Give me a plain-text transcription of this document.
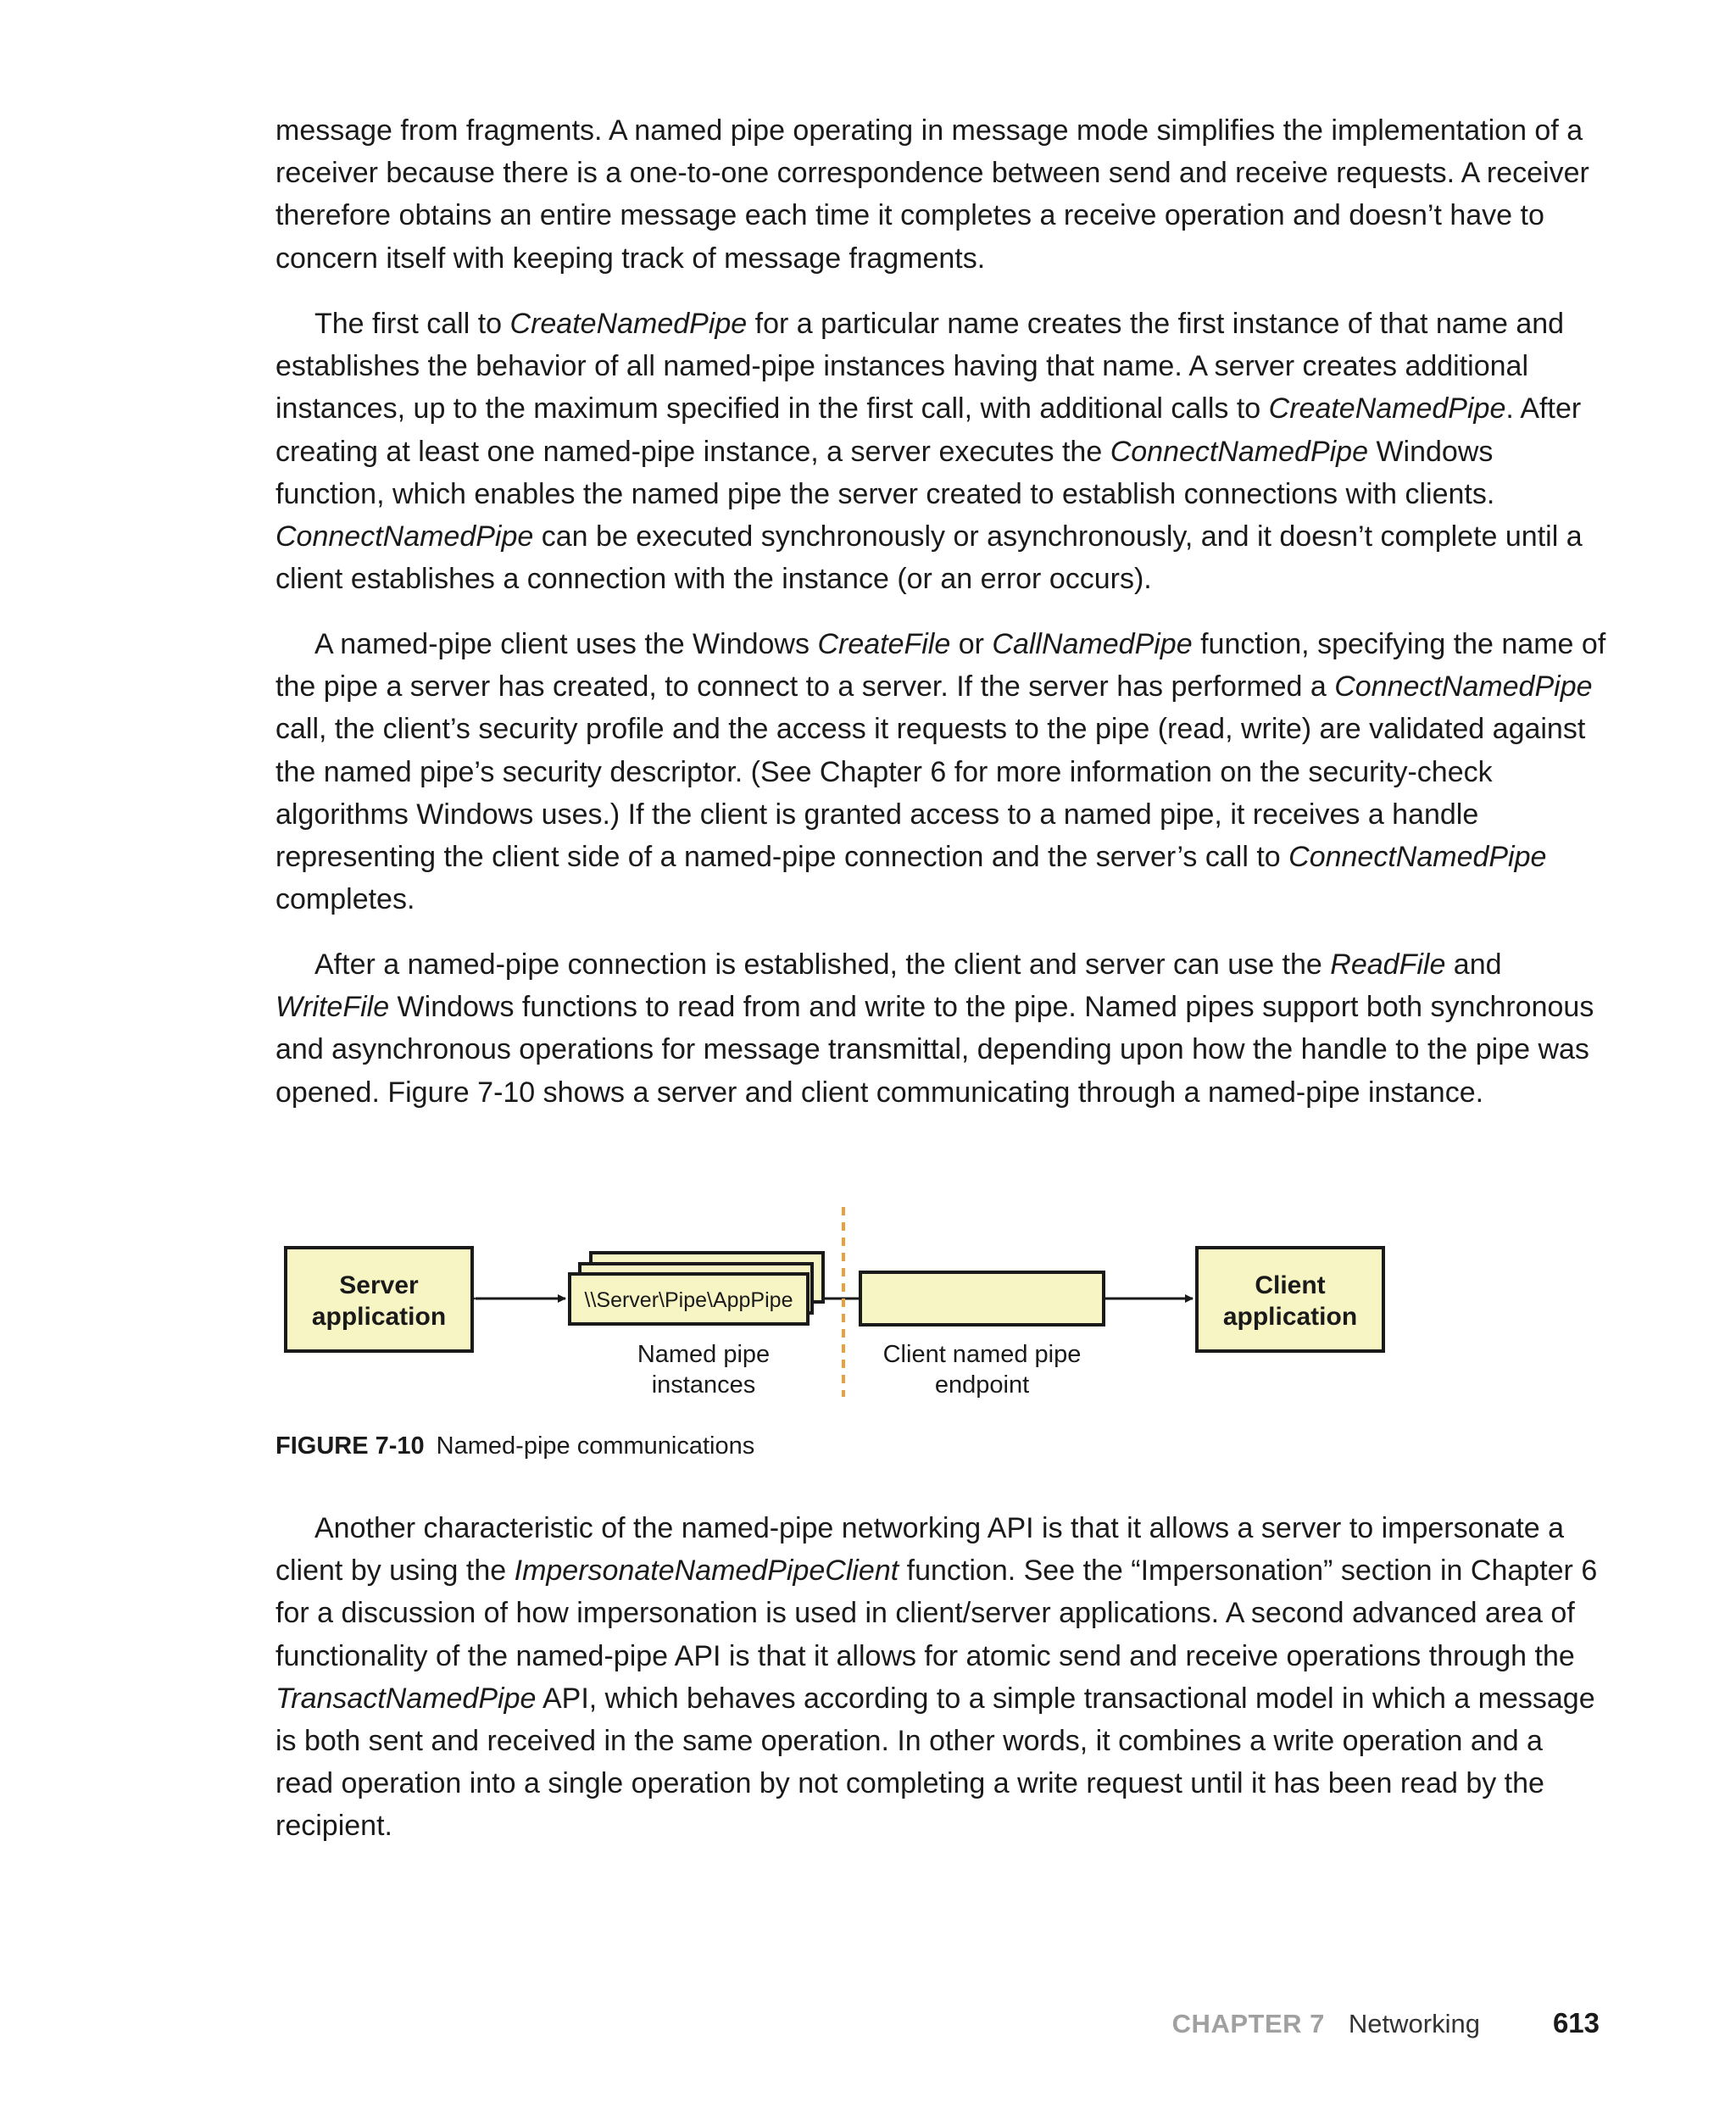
message from fragments. A named pipe operating in message mode simplifies the implementation of a receiver because there is a one-to-one correspondence between send and receive requests. A receiver therefore obtains an entire message each time it completes a receive operation and doesn’t have to concern itself with keeping track of message fragments.

The first call to CreateNamedPipe for a particular name creates the first instance of that name and establishes the behavior of all named-pipe instances having that name. A server creates additional instances, up to the maximum specified in the first call, with additional calls to CreateNamedPipe. After creating at least one named-pipe instance, a server executes the ConnectNamedPipe Windows function, which enables the named pipe the server created to establish connections with clients. ConnectNamedPipe can be executed synchronously or asynchronously, and it doesn’t complete until a client establishes a connection with the instance (or an error occurs).

A named-pipe client uses the Windows CreateFile or CallNamedPipe function, specifying the name of the pipe a server has created, to connect to a server. If the server has performed a ConnectNamedPipe call, the client’s security profile and the access it requests to the pipe (read, write) are validated against the named pipe’s security descriptor. (See Chapter 6 for more information on the security-check algorithms Windows uses.) If the client is granted access to a named pipe, it receives a handle representing the client side of a named-pipe connection and the server’s call to ConnectNamedPipe completes.

After a named-pipe connection is established, the client and server can use the ReadFile and WriteFile Windows functions to read from and write to the pipe. Named pipes support both synchronous and asynchronous operations for message transmittal, depending upon how the handle to the pipe was opened. Figure 7-10 shows a server and client communicating through a named-pipe instance.

Server
application
\\Server\Pipe\AppPipe
Client
application
Named pipe
instances
Client named pipe
endpoint
FIGURE 7-10 Named-pipe communications

Another characteristic of the named-pipe networking API is that it allows a server to impersonate a client by using the ImpersonateNamedPipeClient function. See the “Impersonation” section in Chapter 6 for a discussion of how impersonation is used in client/server applications. A second advanced area of functionality of the named-pipe API is that it allows for atomic send and receive operations through the TransactNamedPipe API, which behaves according to a simple transactional model in which a message is both sent and received in the same operation. In other words, it combines a write operation and a read operation into a single operation by not completing a write request until it has been read by the recipient.

CHAPTER 7 Networking	613
